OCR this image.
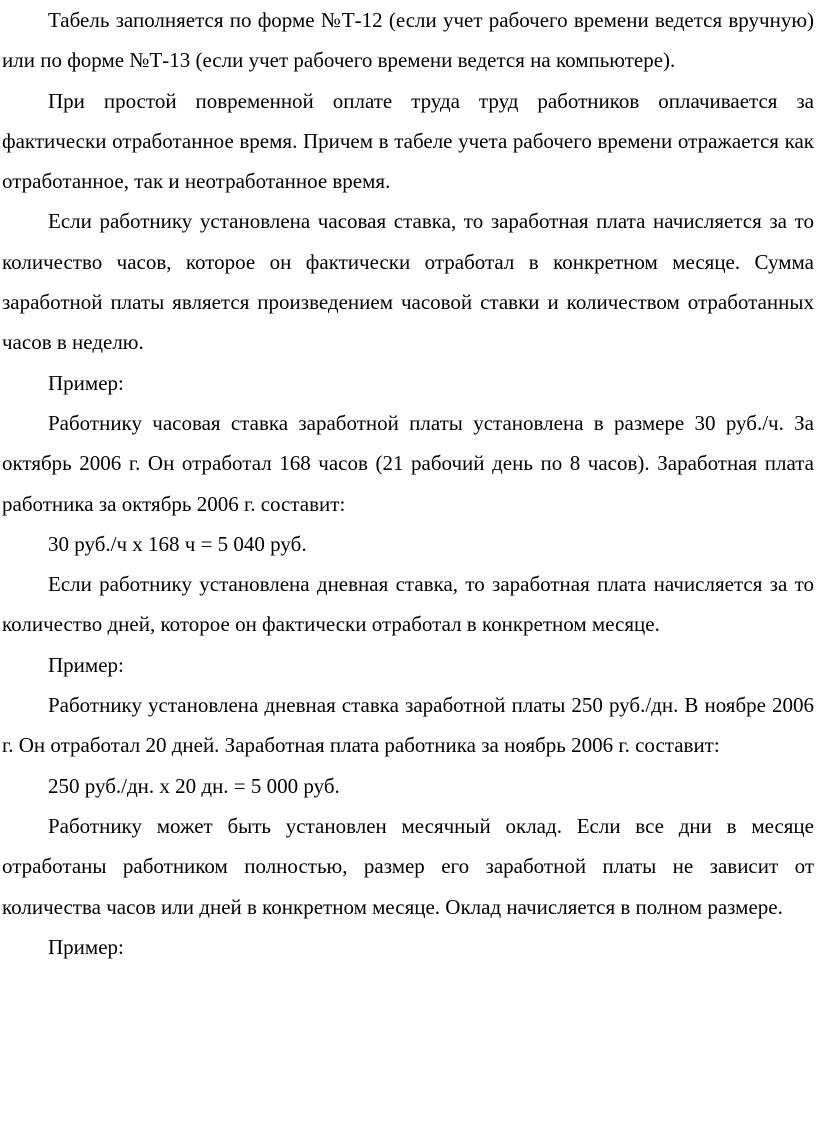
Табель заполняется по форме №Т-12 (если учет рабочего времени ведется вручную) или по форме №Т-13 (если учет рабочего времени ведется на компьютере).

При простой повременной оплате труда труд работников оплачивается за фактически отработанное время. Причем в табеле учета рабочего времени отражается как отработанное, так и неотработанное время.

Если работнику установлена часовая ставка, то заработная плата начисляется за то количество часов, которое он фактически отработал в конкретном месяце. Сумма заработной платы является произведением часовой ставки и количеством отработанных часов в неделю.

Пример:

Работнику часовая ставка заработной платы установлена в размере 30 руб./ч. За октябрь 2006 г. Он отработал 168 часов (21 рабочий день по 8 часов). Заработная плата работника за октябрь 2006 г. составит:

30 руб./ч х 168 ч = 5 040 руб.

Если работнику установлена дневная ставка, то заработная плата начисляется за то количество дней, которое он фактически отработал в конкретном месяце.

Пример:

Работнику установлена дневная ставка заработной платы 250 руб./дн. В ноябре 2006 г. Он отработал 20 дней. Заработная плата работника за ноябрь 2006 г. составит:

250 руб./дн. х 20 дн. = 5 000 руб.

Работнику может быть установлен месячный оклад. Если все дни в месяце отработаны работником полностью, размер его заработной платы не зависит от количества часов или дней в конкретном месяце. Оклад начисляется в полном размере.

Пример:
